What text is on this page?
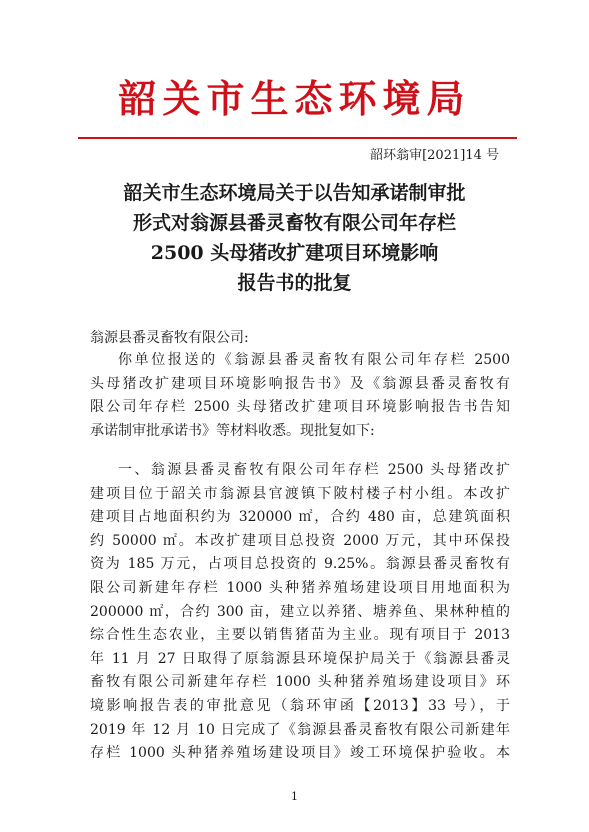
韶关市生态环境局
韶环翁审[2021]14 号
韶关市生态环境局关于以告知承诺制审批
形式对翁源县番灵畜牧有限公司年存栏
2500 头母猪改扩建项目环境影响
报告书的批复
翁源县番灵畜牧有限公司:
你单位报送的《翁源县番灵畜牧有限公司年存栏 2500
头母猪改扩建项目环境影响报告书》及《翁源县番灵畜牧有
限公司年存栏 2500 头母猪改扩建项目环境影响报告书告知
承诺制审批承诺书》等材料收悉。现批复如下:
一、翁源县番灵畜牧有限公司年存栏 2500 头母猪改扩
建项目位于韶关市翁源县官渡镇下陂村楼子村小组。本改扩
建项目占地面积约为 320000 ㎡，合约 480 亩，总建筑面积
约 50000 ㎡。本改扩建项目总投资 2000 万元，其中环保投
资为 185 万元，占项目总投资的 9.25%。翁源县番灵畜牧有
限公司新建年存栏 1000 头种猪养殖场建设项目用地面积为
200000 ㎡，合约 300 亩，建立以养猪、塘养鱼、果林种植的
综合性生态农业，主要以销售猪苗为主业。现有项目于 2013
年 11 月 27 日取得了原翁源县环境保护局关于《翁源县番灵
畜牧有限公司新建年存栏 1000 头种猪养殖场建设项目》环
境影响报告表的审批意见（翁环审函【2013】33 号），于
2019 年 12 月 10 日完成了《翁源县番灵畜牧有限公司新建年
存栏 1000 头种猪养殖场建设项目》竣工环境保护验收。本
1
